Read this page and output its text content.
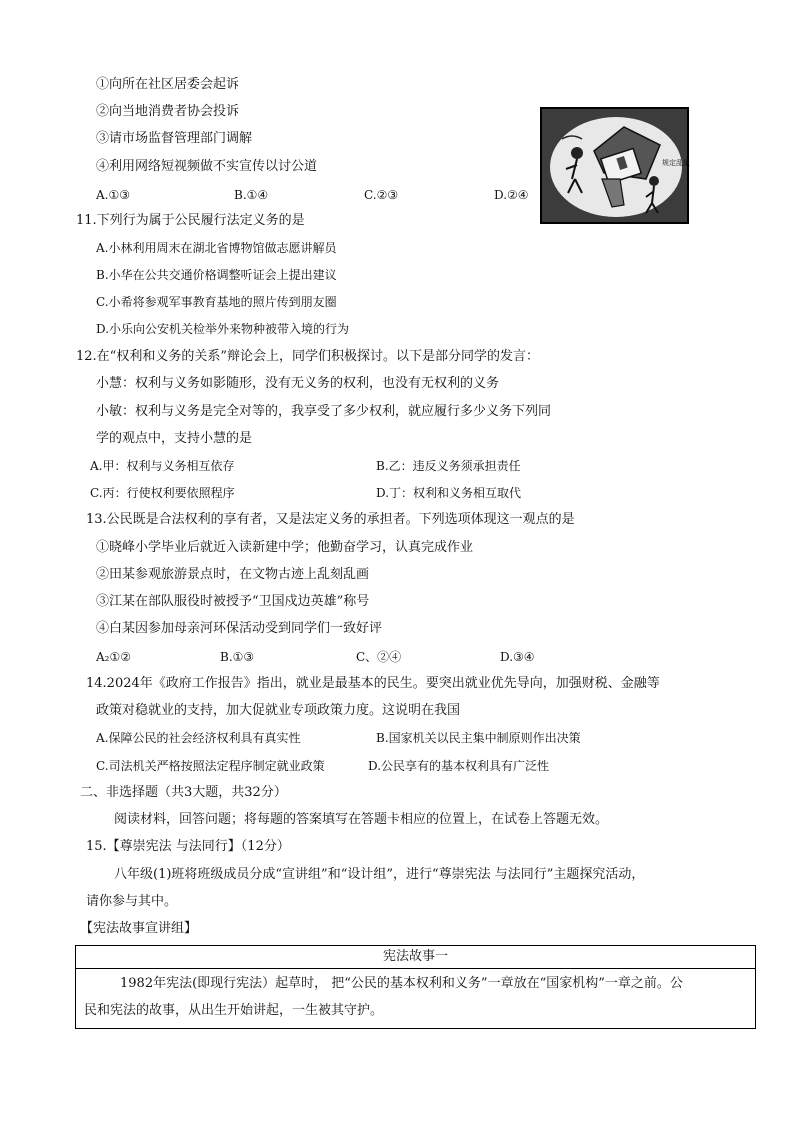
①向所在社区居委会起诉
②向当地消费者协会投诉
③请市场监督管理部门调解
④利用网络短视频做不实宣传以讨公道
A.①③	B.①④	C.②③	D.②④
规定乱象
11.下列行为属于公民履行法定义务的是
A.小林利用周末在湖北省博物馆做志愿讲解员
B.小华在公共交通价格调整听证会上提出建议
C.小希将参观军事教育基地的照片传到朋友圈
D.小乐向公安机关检举外来物种被带入境的行为
12.在“权利和义务的关系”辩论会上，同学们积极探讨。以下是部分同学的发言：
小慧：权利与义务如影随形，没有无义务的权利，也没有无权利的义务
小敏：权利与义务是完全对等的，我享受了多少权利，就应履行多少义务下列同
学的观点中，支持小慧的是
A.甲：权利与义务相互依存	B.乙：违反义务须承担责任
C.丙：行使权利要依照程序	D.丁：权利和义务相互取代
13.公民既是合法权利的享有者，又是法定义务的承担者。下列选项体现这一观点的是
①晓峰小学毕业后就近入读新建中学；他勤奋学习，认真完成作业
②田某参观旅游景点时，在文物古迹上乱刻乱画
③江某在部队服役时被授予“卫国戍边英雄”称号
④白某因参加母亲河环保活动受到同学们一致好评
A₂①②	B.①③	C、②④	D.③④
14.2024年《政府工作报告》指出，就业是最基本的民生。要突出就业优先导向，加强财税、金融等
政策对稳就业的支持，加大促就业专项政策力度。这说明在我国
A.保障公民的社会经济权利具有真实性	B.国家机关以民主集中制原则作出决策
C.司法机关严格按照法定程序制定就业政策	D.公民享有的基本权利具有广泛性
二、非选择题（共3大题，共32分）
阅读材料，回答问题；将每题的答案填写在答题卡相应的位置上，在试卷上答题无效。
15.【尊崇宪法 与法同行】（12分）
八年级(1)班将班级成员分成“宣讲组”和“设计组”，进行“尊崇宪法 与法同行”主题探究活动，
请你参与其中。
【宪法故事宣讲组】
宪法故事一
1982年宪法(即现行宪法）起草时， 把“公民的基本权利和义务”一章放在“国家机构”一章之前。公
民和宪法的故事，从出生开始讲起，一生被其守护。
